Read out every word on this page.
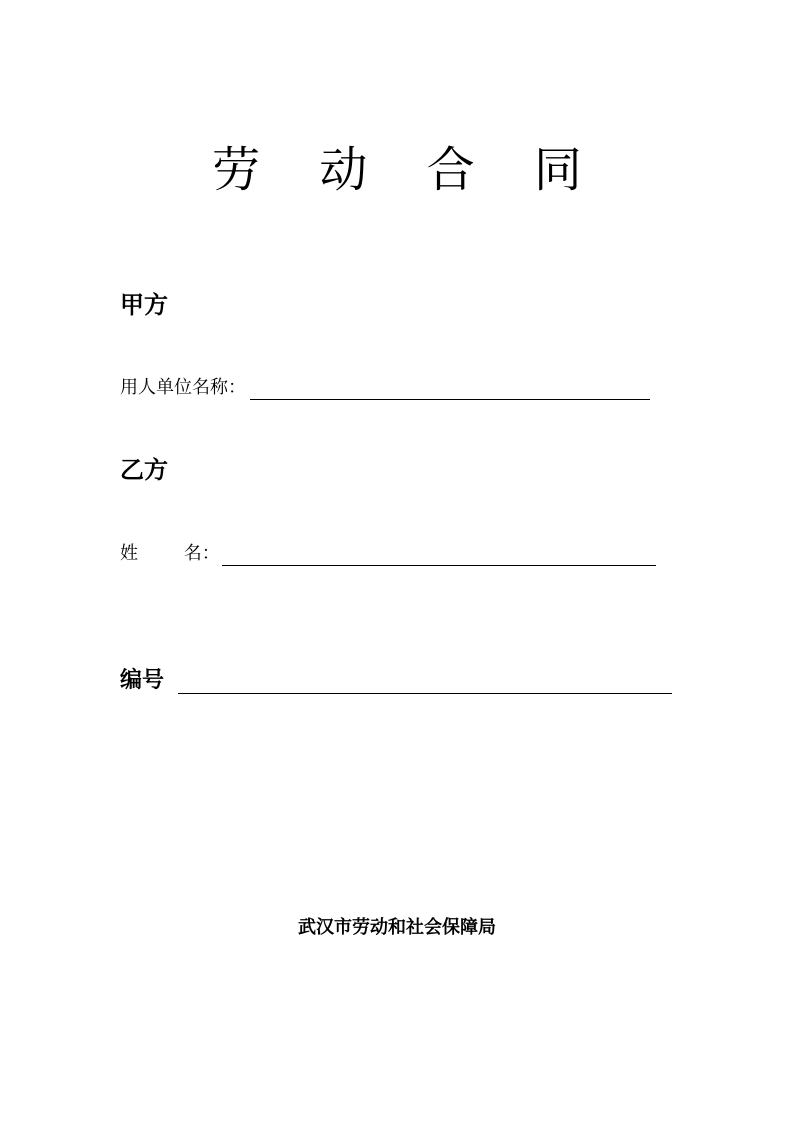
劳 动 合 同
甲方
用人单位名称：
乙方
姓        名：
编号
武汉市劳动和社会保障局
